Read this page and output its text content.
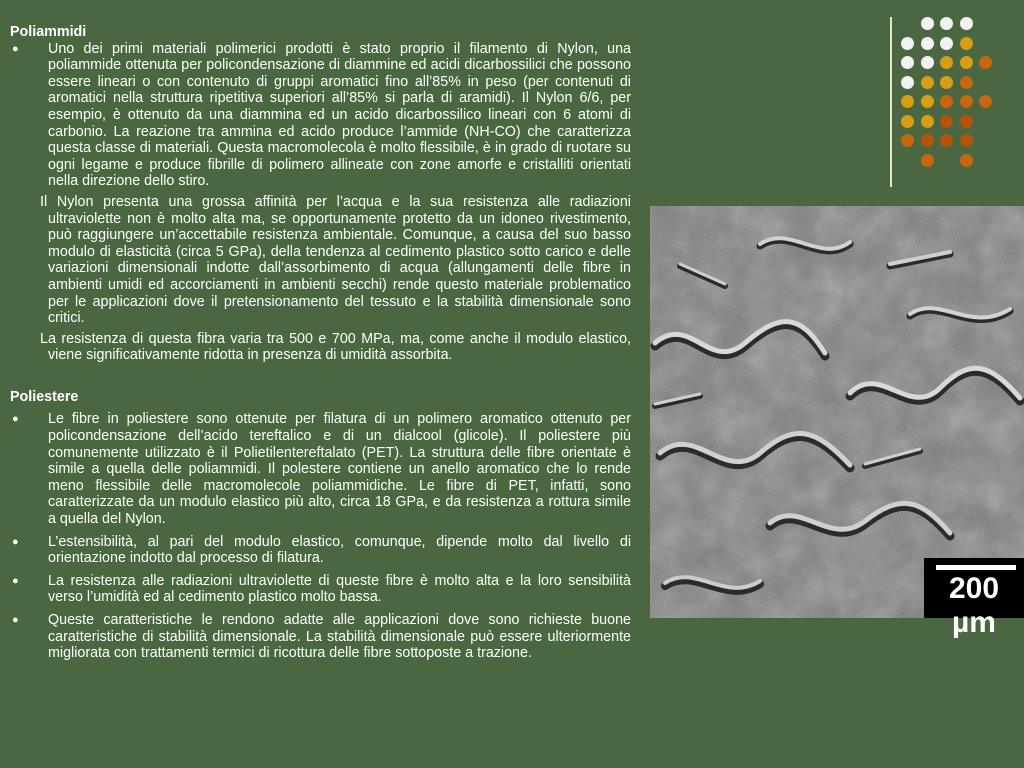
Poliammidi

● Uno dei primi materiali polimerici prodotti è stato proprio il filamento di Nylon, una poliammide ottenuta per policondensazione di diammine ed acidi dicarbossilici che possono essere lineari o con contenuto di gruppi aromatici fino all’85% in peso (per contenuti di aromatici nella struttura ripetitiva superiori all’85% si parla di aramidi). Il Nylon 6/6, per esempio, è ottenuto da una diammina ed un acido dicarbossilico lineari con 6 atomi di carbonio. La reazione tra ammina ed acido produce l’ammide (NH-CO) che caratterizza questa classe di materiali. Questa macromolecola è molto flessibile, è in grado di ruotare su ogni legame e produce fibrille di polimero allineate con zone amorfe e cristalliti orientati nella direzione dello stiro.
Il Nylon presenta una grossa affinità per l’acqua e la sua resistenza alle radiazioni ultraviolette non è molto alta ma, se opportunamente protetto da un idoneo rivestimento, può raggiungere un’accettabile resistenza ambientale. Comunque, a causa del suo basso modulo di elasticità (circa 5 GPa), della tendenza al cedimento plastico sotto carico e delle variazioni dimensionali indotte dall’assorbimento di acqua (allungamenti delle fibre in ambienti umidi ed accorciamenti in ambienti secchi) rende questo materiale problematico per le applicazioni dove il pretensionamento del tessuto e la stabilità dimensionale sono critici.
La resistenza di questa fibra varia tra 500 e 700 MPa, ma, come anche il modulo elastico, viene significativamente ridotta in presenza di umidità assorbita.

Poliestere

● Le fibre in poliestere sono ottenute per filatura di un polimero aromatico ottenuto per policondensazione dell’acido tereftalico e di un dialcool (glicole). Il poliestere più comunemente utilizzato è il Polietilentereftalato (PET). La struttura delle fibre orientate è simile a quella delle poliammidi. Il polestere contiene un anello aromatico che lo rende meno flessibile delle macromolecole poliammidiche. Le fibre di PET, infatti, sono caratterizzate da un modulo elastico più alto, circa 18 GPa, e da resistenza a rottura simile a quella del Nylon.
● L’estensibilità, al pari del modulo elastico, comunque, dipende molto dal livello di orientazione indotto dal processo di filatura.
● La resistenza alle radiazioni ultraviolette di queste fibre è molto alta e la loro sensibilità verso l’umidità ed al cedimento plastico molto bassa.
● Queste caratteristiche le rendono adatte alle applicazioni dove sono richieste buone caratteristiche di stabilità dimensionale. La stabilità dimensionale può essere ulteriormente migliorata con trattamenti termici di ricottura delle fibre sottoposte a trazione.
200 µm
